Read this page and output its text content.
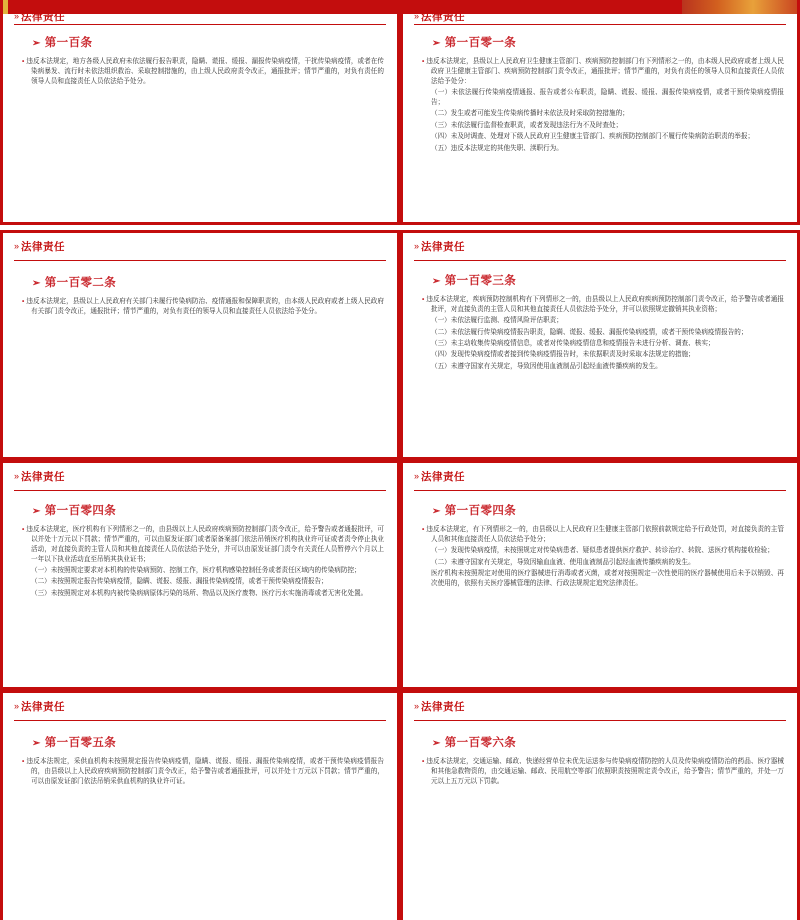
» 法律责任
➢ 第一百条

• 违反本法规定，地方各级人民政府未依法履行报告职责，隐瞒、谎报、缓报、漏报传染病疫情，干扰传染病疫情，或者在传染病暴发、流行时未依法组织救治、采取控制措施的，由上级人民政府责令改正，通报批评；情节严重的，对负有责任的领导人员和直接责任人员依法给予处分。

» 法律责任
➢ 第一百零一条

• 违反本法规定，县级以上人民政府卫生健康主管部门、疾病预防控制部门有下列情形之一的，由本级人民政府或者上级人民政府卫生健康主管部门、疾病预防控制部门责令改正，通报批评；情节严重的，对负有责任的领导人员和直接责任人员依法给予处分：

（一）未依法履行传染病疫情通报、报告或者公布职责，隐瞒、谎报、缓报、漏报传染病疫情，或者干预传染病疫情报告；

（二）发生或者可能发生传染病传播时未依法及时采取防控措施的；

（三）未依法履行监督检查职责，或者发现违法行为不及时查处；

（四）未及时调查、处理对下级人民政府卫生健康主管部门、疾病预防控制部门不履行传染病防治职责的举报；

（五）违反本法规定的其他失职、渎职行为。

» 法律责任
➢ 第一百零二条

• 违反本法规定，县级以上人民政府有关部门未履行传染病防治、疫情通报和保障职责的，由本级人民政府或者上级人民政府有关部门责令改正，通报批评；情节严重的，对负有责任的领导人员和直接责任人员依法给予处分。

» 法律责任
➢ 第一百零三条

• 违反本法规定，疾病预防控制机构有下列情形之一的，由县级以上人民政府疾病预防控制部门责令改正，给予警告或者通报批评，对直接负责的主管人员和其他直接责任人员依法给予处分，并可以依照规定撤销其执业资格；

（一）未依法履行监测、疫情风险评估职责；

（二）未依法履行传染病疫情报告职责，隐瞒、谎报、缓报、漏报传染病疫情，或者干预传染病疫情报告的；

（三）未主动收集传染病疫情信息，或者对传染病疫情信息和疫情报告未进行分析、调查、核实；

（四）发现传染病疫情或者接到传染病疫情报告时，未依据职责及时采取本法规定的措施；

（五）未遵守国家有关规定，导致因使用血液制品引起经血液传播疾病的发生。

» 法律责任
➢ 第一百零四条

• 违反本法规定，医疗机构有下列情形之一的，由县级以上人民政府疾病预防控制部门责令改正，给予警告或者通报批评，可以并处十万元以下罚款；情节严重的，可以由原发证部门或者原备案部门依法吊销医疗机构执业许可证或者责令停止执业活动，对直接负责的主管人员和其他直接责任人员依法给予处分，并可以由原发证部门责令有关责任人员暂停六个月以上一年以下执业活动直至吊销其执业证书；

（一）未按照规定要求对本机构的传染病预防、控制工作，医疗机构感染控制任务或者责任区域内的传染病防控；

（二）未按照规定报告传染病疫情，隐瞒、谎报、缓报、漏报传染病疫情，或者干预传染病疫情报告；

（三）未按照规定对本机构内被传染病病原体污染的场所、物品以及医疗废物、医疗污水实施消毒或者无害化处置。

» 法律责任
➢ 第一百零四条

• 违反本法规定，有下列情形之一的，由县级以上人民政府卫生健康主管部门依照前款规定给予行政处罚，对直接负责的主管人员和其他直接责任人员依法给予处分；

（一）发现传染病疫情，未按照规定对传染病患者、疑似患者提供医疗救护、转诊治疗、转院、送医疗机构接收检验；

（二）未遵守国家有关规定，导致因输血血液、使用血液制品引起经血液传播疾病的发生。

医疗机构未按照规定对使用的医疗器械进行消毒或者灭菌，或者对按照规定一次性使用的医疗器械使用后未予以销毁、再次使用的，依照有关医疗器械管理的法律、行政法规规定追究法律责任。

» 法律责任
➢ 第一百零五条

• 违反本法规定，采供血机构未按照规定报告传染病疫情，隐瞒、谎报、缓报、漏报传染病疫情，或者干预传染病疫情报告的，由县级以上人民政府疾病预防控制部门责令改正，给予警告或者通报批评，可以并处十万元以下罚款；情节严重的，可以由原发证部门依法吊销采供血机构的执业许可证。

» 法律责任
➢ 第一百零六条

• 违反本法规定，交通运输、邮政、快递经营单位未优先运送参与传染病疫情防控的人员及传染病疫情防治的药品、医疗器械和其他急救物资的，由交通运输、邮政、民用航空等部门依照职责按照规定责令改正，给予警告；情节严重的，并处一万元以上五万元以下罚款。
